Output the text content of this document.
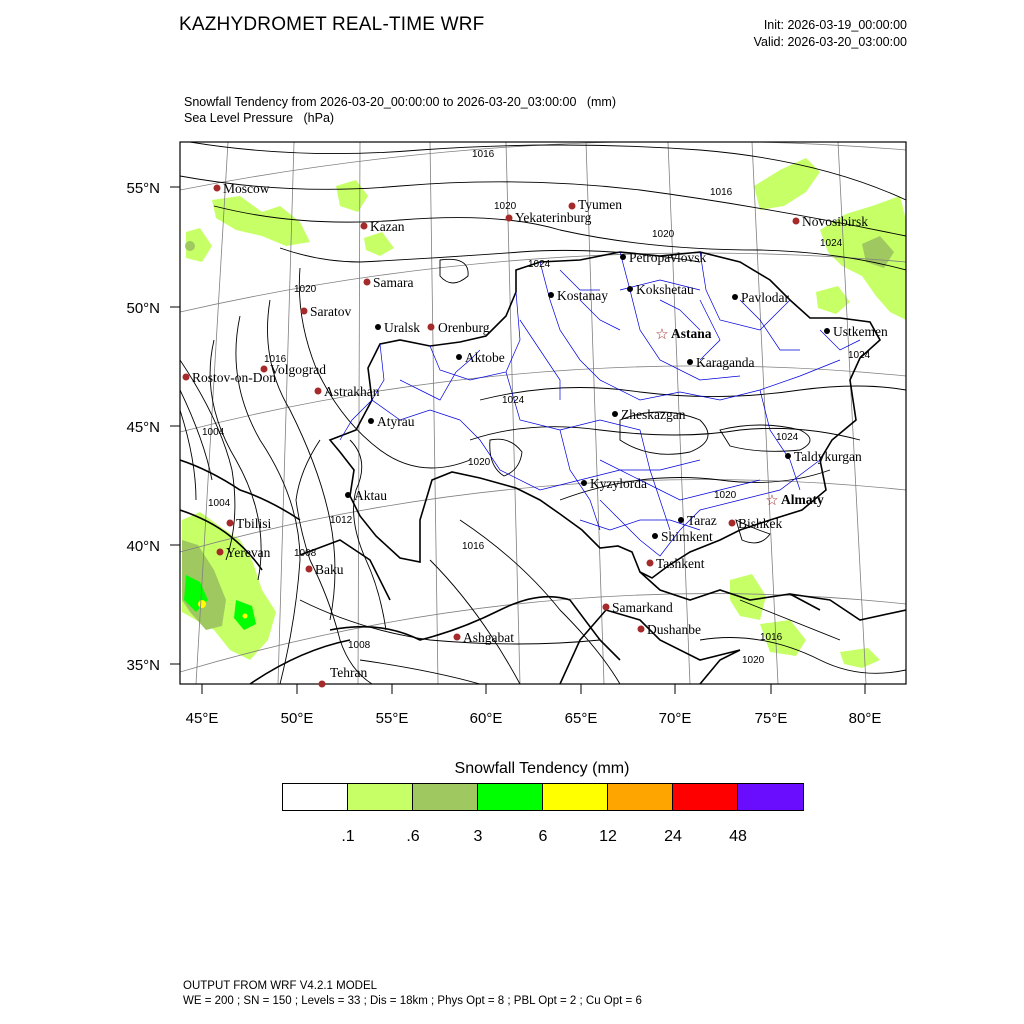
KAZHYDROMET REAL-TIME WRF	Init: 2026-03-19_00:00:00
Valid: 2026-03-20_03:00:00
Snowfall Tendency from 2026-03-20_00:00:00 to 2026-03-20_03:00:00   (mm)
Sea Level Pressure   (hPa)
55°N
50°N
45°N
40°N
35°N
45°E	50°E	55°E	60°E	65°E	70°E	75°E	80°E
1016
1020
1016
1020
1024
1024
1020
1016
1004
1024
1020
1024
1004
1016
1012
1008
1020
1008
1016
1020
1024
Moscow
Kazan
Samara
Saratov
Volgograd
Rostov-on-Don
Astrakhan
Tbilisi
Yerevan
Baku
Tehran
Ashgabat
Samarkand
Dushanbe
Tashkent
Bishkek
Novosibirsk
Tyumen
Yekaterinburg
Orenburg
Uralsk
Aktobe
Atyrau
Aktau
Kostanay
Petropavlovsk
Kokshetau
Pavlodar
Ustkemen
Karaganda
Zheskazgan
Kyzylorda
Taldykurgan
Taraz
Shimkent
☆ Astana
☆ Almaty
Snowfall Tendency (mm)
.1	.6	3	6	12	24	48
OUTPUT FROM WRF V4.2.1 MODEL
WE = 200 ; SN = 150 ; Levels = 33 ; Dis = 18km ; Phys Opt = 8 ; PBL Opt = 2 ; Cu Opt = 6
